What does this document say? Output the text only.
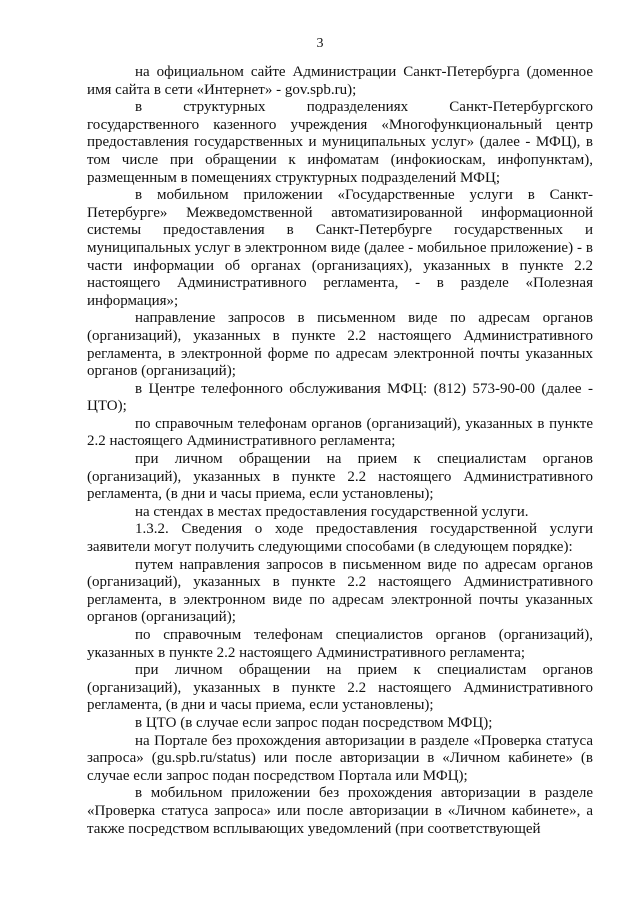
3

на официальном сайте Администрации Санкт-Петербурга (доменное имя сайта в сети «Интернет» - gov.spb.ru);

в структурных подразделениях Санкт-Петербургского государственного казенного учреждения «Многофункциональный центр предоставления государственных и муниципальных услуг» (далее - МФЦ), в том числе при обращении к инфоматам (инфокиоскам, инфопунктам), размещенным в помещениях структурных подразделений МФЦ;

в мобильном приложении «Государственные услуги в Санкт-Петербурге» Межведомственной автоматизированной информационной системы предоставления в Санкт-Петербурге государственных и муниципальных услуг в электронном виде (далее - мобильное приложение) - в части информации об органах (организациях), указанных в пункте 2.2 настоящего Административного регламента, - в разделе «Полезная информация»;

направление запросов в письменном виде по адресам органов (организаций), указанных в пункте 2.2 настоящего Административного регламента, в электронной форме по адресам электронной почты указанных органов (организаций);

в Центре телефонного обслуживания МФЦ: (812) 573-90-00 (далее - ЦТО);

по справочным телефонам органов (организаций), указанных в пункте 2.2 настоящего Административного регламента;

при личном обращении на прием к специалистам органов (организаций), указанных в пункте 2.2 настоящего Административного регламента, (в дни и часы приема, если установлены);

на стендах в местах предоставления государственной услуги.

1.3.2. Сведения о ходе предоставления государственной услуги заявители могут получить следующими способами (в следующем порядке):

путем направления запросов в письменном виде по адресам органов (организаций), указанных в пункте 2.2 настоящего Административного регламента, в электронном виде по адресам электронной почты указанных органов (организаций);

по справочным телефонам специалистов органов (организаций), указанных в пункте 2.2 настоящего Административного регламента;

при личном обращении на прием к специалистам органов (организаций), указанных в пункте 2.2 настоящего Административного регламента, (в дни и часы приема, если установлены);

в ЦТО (в случае если запрос подан посредством МФЦ);

на Портале без прохождения авторизации в разделе «Проверка статуса запроса» (gu.spb.ru/status) или после авторизации в «Личном кабинете» (в случае если запрос подан посредством Портала или МФЦ);

в мобильном приложении без прохождения авторизации в разделе «Проверка статуса запроса» или после авторизации в «Личном кабинете», а также посредством всплывающих уведомлений (при соответствующей
